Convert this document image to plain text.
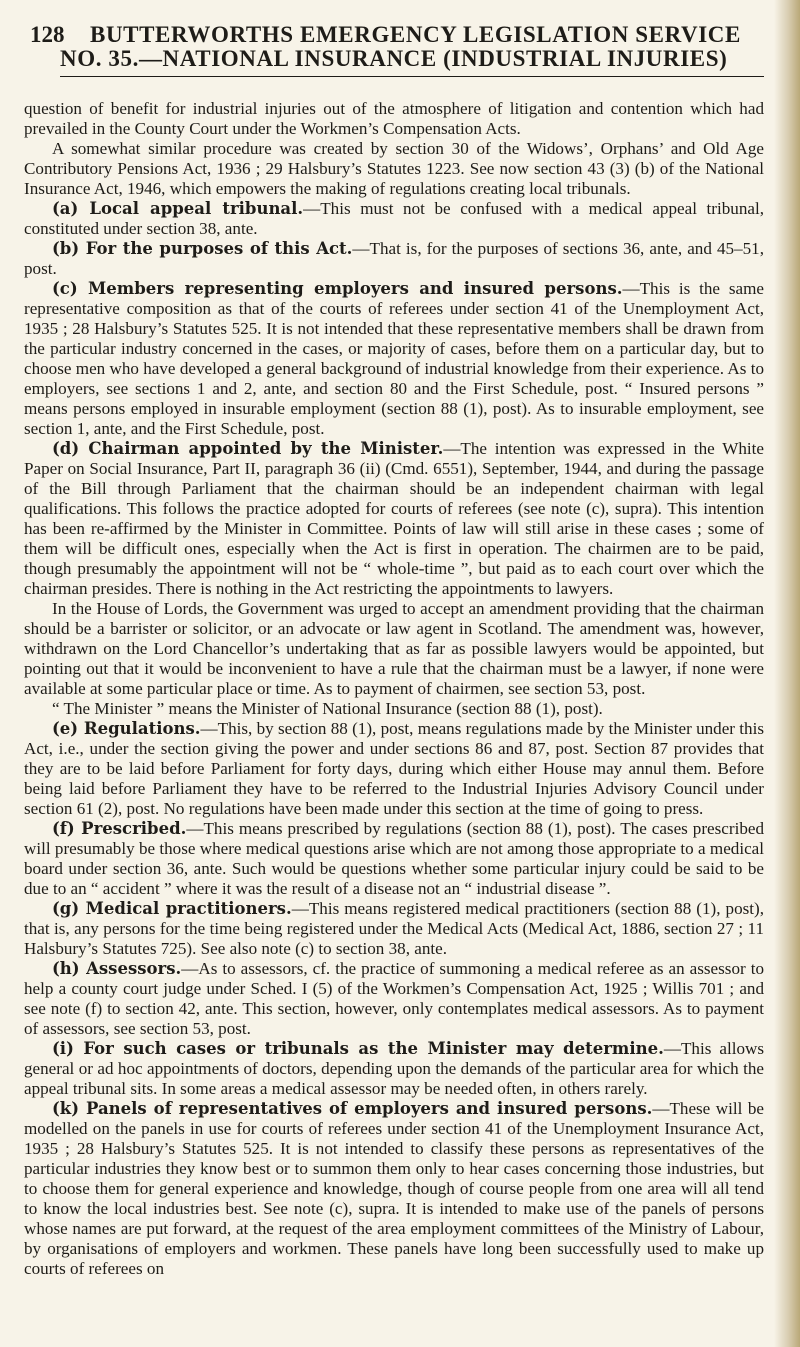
128	BUTTERWORTHS EMERGENCY LEGISLATION SERVICE
NO. 35.—NATIONAL INSURANCE (INDUSTRIAL INJURIES)

question of benefit for industrial injuries out of the atmosphere of litigation and contention which had prevailed in the County Court under the Workmen’s Compensation Acts.

A somewhat similar procedure was created by section 30 of the Widows’, Orphans’ and Old Age Contributory Pensions Act, 1936 ; 29 Halsbury’s Statutes 1223. See now section 43 (3) (b) of the National Insurance Act, 1946, which empowers the making of regulations creating local tribunals.

(a) Local appeal tribunal.—This must not be confused with a medical appeal tribunal, constituted under section 38, ante.

(b) For the purposes of this Act.—That is, for the purposes of sections 36, ante, and 45–51, post.

(c) Members representing employers and insured persons.—This is the same representative composition as that of the courts of referees under section 41 of the Unemployment Act, 1935 ; 28 Halsbury’s Statutes 525. It is not intended that these representative members shall be drawn from the particular industry concerned in the cases, or majority of cases, before them on a particular day, but to choose men who have developed a general background of industrial knowledge from their experience. As to employers, see sections 1 and 2, ante, and section 80 and the First Schedule, post. “ Insured persons ” means persons employed in insurable employment (section 88 (1), post). As to insurable employment, see section 1, ante, and the First Schedule, post.

(d) Chairman appointed by the Minister.—The intention was expressed in the White Paper on Social Insurance, Part II, paragraph 36 (ii) (Cmd. 6551), September, 1944, and during the passage of the Bill through Parliament that the chairman should be an independent chairman with legal qualifications. This follows the practice adopted for courts of referees (see note (c), supra). This intention has been re-affirmed by the Minister in Committee. Points of law will still arise in these cases ; some of them will be difficult ones, especially when the Act is first in operation. The chairmen are to be paid, though presumably the appointment will not be “ whole-time ”, but paid as to each court over which the chairman presides. There is nothing in the Act restricting the appointments to lawyers.

In the House of Lords, the Government was urged to accept an amendment providing that the chairman should be a barrister or solicitor, or an advocate or law agent in Scotland. The amendment was, however, withdrawn on the Lord Chancellor’s undertaking that as far as possible lawyers would be appointed, but pointing out that it would be inconvenient to have a rule that the chairman must be a lawyer, if none were available at some particular place or time. As to payment of chairmen, see section 53, post.

“ The Minister ” means the Minister of National Insurance (section 88 (1), post).

(e) Regulations.—This, by section 88 (1), post, means regulations made by the Minister under this Act, i.e., under the section giving the power and under sections 86 and 87, post. Section 87 provides that they are to be laid before Parliament for forty days, during which either House may annul them. Before being laid before Parliament they have to be referred to the Industrial Injuries Advisory Council under section 61 (2), post. No regulations have been made under this section at the time of going to press.

(f) Prescribed.—This means prescribed by regulations (section 88 (1), post). The cases prescribed will presumably be those where medical questions arise which are not among those appropriate to a medical board under section 36, ante. Such would be questions whether some particular injury could be said to be due to an “ accident ” where it was the result of a disease not an “ industrial disease ”.

(g) Medical practitioners.—This means registered medical practitioners (section 88 (1), post), that is, any persons for the time being registered under the Medical Acts (Medical Act, 1886, section 27 ; 11 Halsbury’s Statutes 725). See also note (c) to section 38, ante.

(h) Assessors.—As to assessors, cf. the practice of summoning a medical referee as an assessor to help a county court judge under Sched. I (5) of the Workmen’s Compensation Act, 1925 ; Willis 701 ; and see note (f) to section 42, ante. This section, however, only contemplates medical assessors. As to payment of assessors, see section 53, post.

(i) For such cases or tribunals as the Minister may determine.—This allows general or ad hoc appointments of doctors, depending upon the demands of the particular area for which the appeal tribunal sits. In some areas a medical assessor may be needed often, in others rarely.

(k) Panels of representatives of employers and insured persons.—These will be modelled on the panels in use for courts of referees under section 41 of the Unemployment Insurance Act, 1935 ; 28 Halsbury’s Statutes 525. It is not intended to classify these persons as representatives of the particular industries they know best or to summon them only to hear cases concerning those industries, but to choose them for general experience and knowledge, though of course people from one area will all tend to know the local industries best. See note (c), supra. It is intended to make use of the panels of persons whose names are put forward, at the request of the area employment committees of the Ministry of Labour, by organisations of employers and workmen. These panels have long been successfully used to make up courts of referees on
